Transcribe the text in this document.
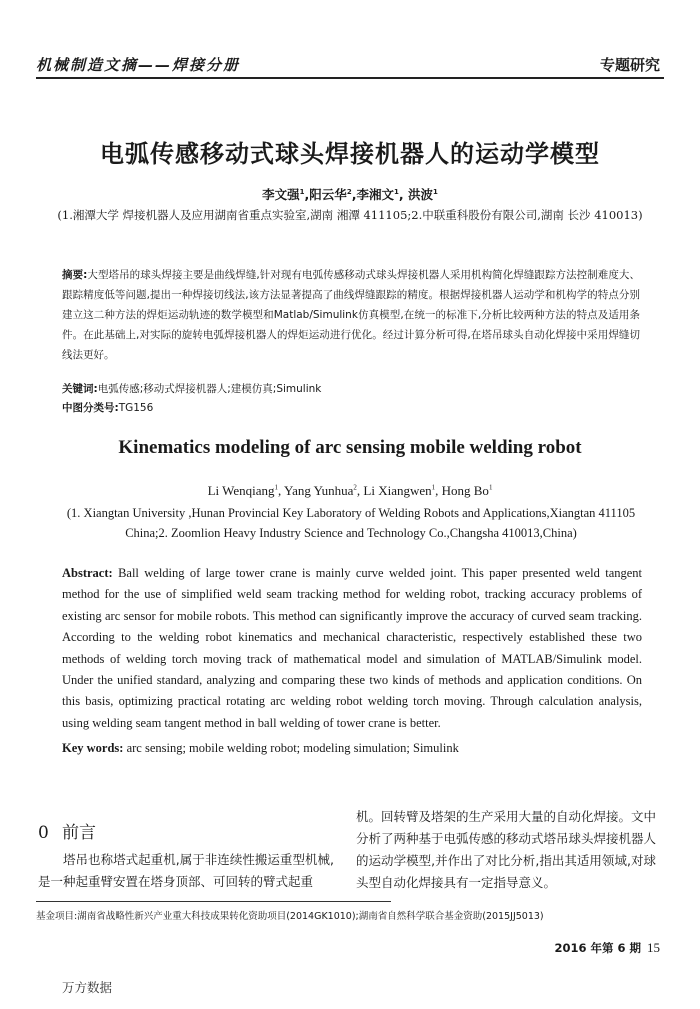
机械制造文摘——焊接分册	专题研究
电弧传感移动式球头焊接机器人的运动学模型
李文强$^1$,阳云华$^2$,李湘文$^1$, 洪波$^1$
(1.湘潭大学 焊接机器人及应用湖南省重点实验室,湖南 湘潭 411105;2.中联重科股份有限公司,湖南 长沙 410013)
摘要:大型塔吊的球头焊接主要是曲线焊缝,针对现有电弧传感移动式球头焊接机器人采用机构简化焊缝跟踪方法控制难度大、跟踪精度低等问题,提出一种焊接切线法,该方法显著提高了曲线焊缝跟踪的精度。根据焊接机器人运动学和机构学的特点分别建立这二种方法的焊炬运动轨迹的数学模型和Matlab/Simulink仿真模型,在统一的标准下,分析比较两种方法的特点及适用条件。在此基础上,对实际的旋转电弧焊接机器人的焊炬运动进行优化。经过计算分析可得,在塔吊球头自动化焊接中采用焊缝切线法更好。
关键词:电弧传感;移动式焊接机器人;建模仿真;Simulink
中图分类号:TG156
Kinematics modeling of arc sensing mobile welding robot
Li Wenqiang$^1$, Yang Yunhua$^2$, Li Xiangwen$^1$, Hong Bo$^1$
(1. Xiangtan University ,Hunan Provincial Key Laboratory of Welding Robots and Applications,Xiangtan 411105 China;2. Zoomlion Heavy Industry Science and Technology Co.,Changsha 410013,China)
Abstract: Ball welding of large tower crane is mainly curve welded joint. This paper presented weld tangent method for the use of simplified weld seam tracking method for welding robot, tracking accuracy problems of existing arc sensor for mobile robots. This method can significantly improve the accuracy of curved seam tracking. According to the welding robot kinematics and mechanical characteristic, respectively established these two methods of welding torch moving track of mathematical model and simulation of MATLAB/Simulink model. Under the unified standard, analyzing and comparing these two kinds of methods and application conditions. On this basis, optimizing practical rotating arc welding robot welding torch moving. Through calculation analysis, using welding seam tangent method in ball welding of tower crane is better.
Key words: arc sensing; mobile welding robot; modeling simulation; Simulink
0 前言
塔吊也称塔式起重机,属于非连续性搬运重型机械,是一种起重臂安置在塔身顶部、可回转的臂式起重
机。回转臂及塔架的生产采用大量的自动化焊接。文中分析了两种基于电弧传感的移动式塔吊球头焊接机器人的运动学模型,并作出了对比分析,指出其适用领域,对球头型自动化焊接具有一定指导意义。
基金项目:湖南省战略性新兴产业重大科技成果转化资助项目(2014GK1010);湖南省自然科学联合基金资助(2015JJ5013)
2016 年第 6 期 15
万方数据
